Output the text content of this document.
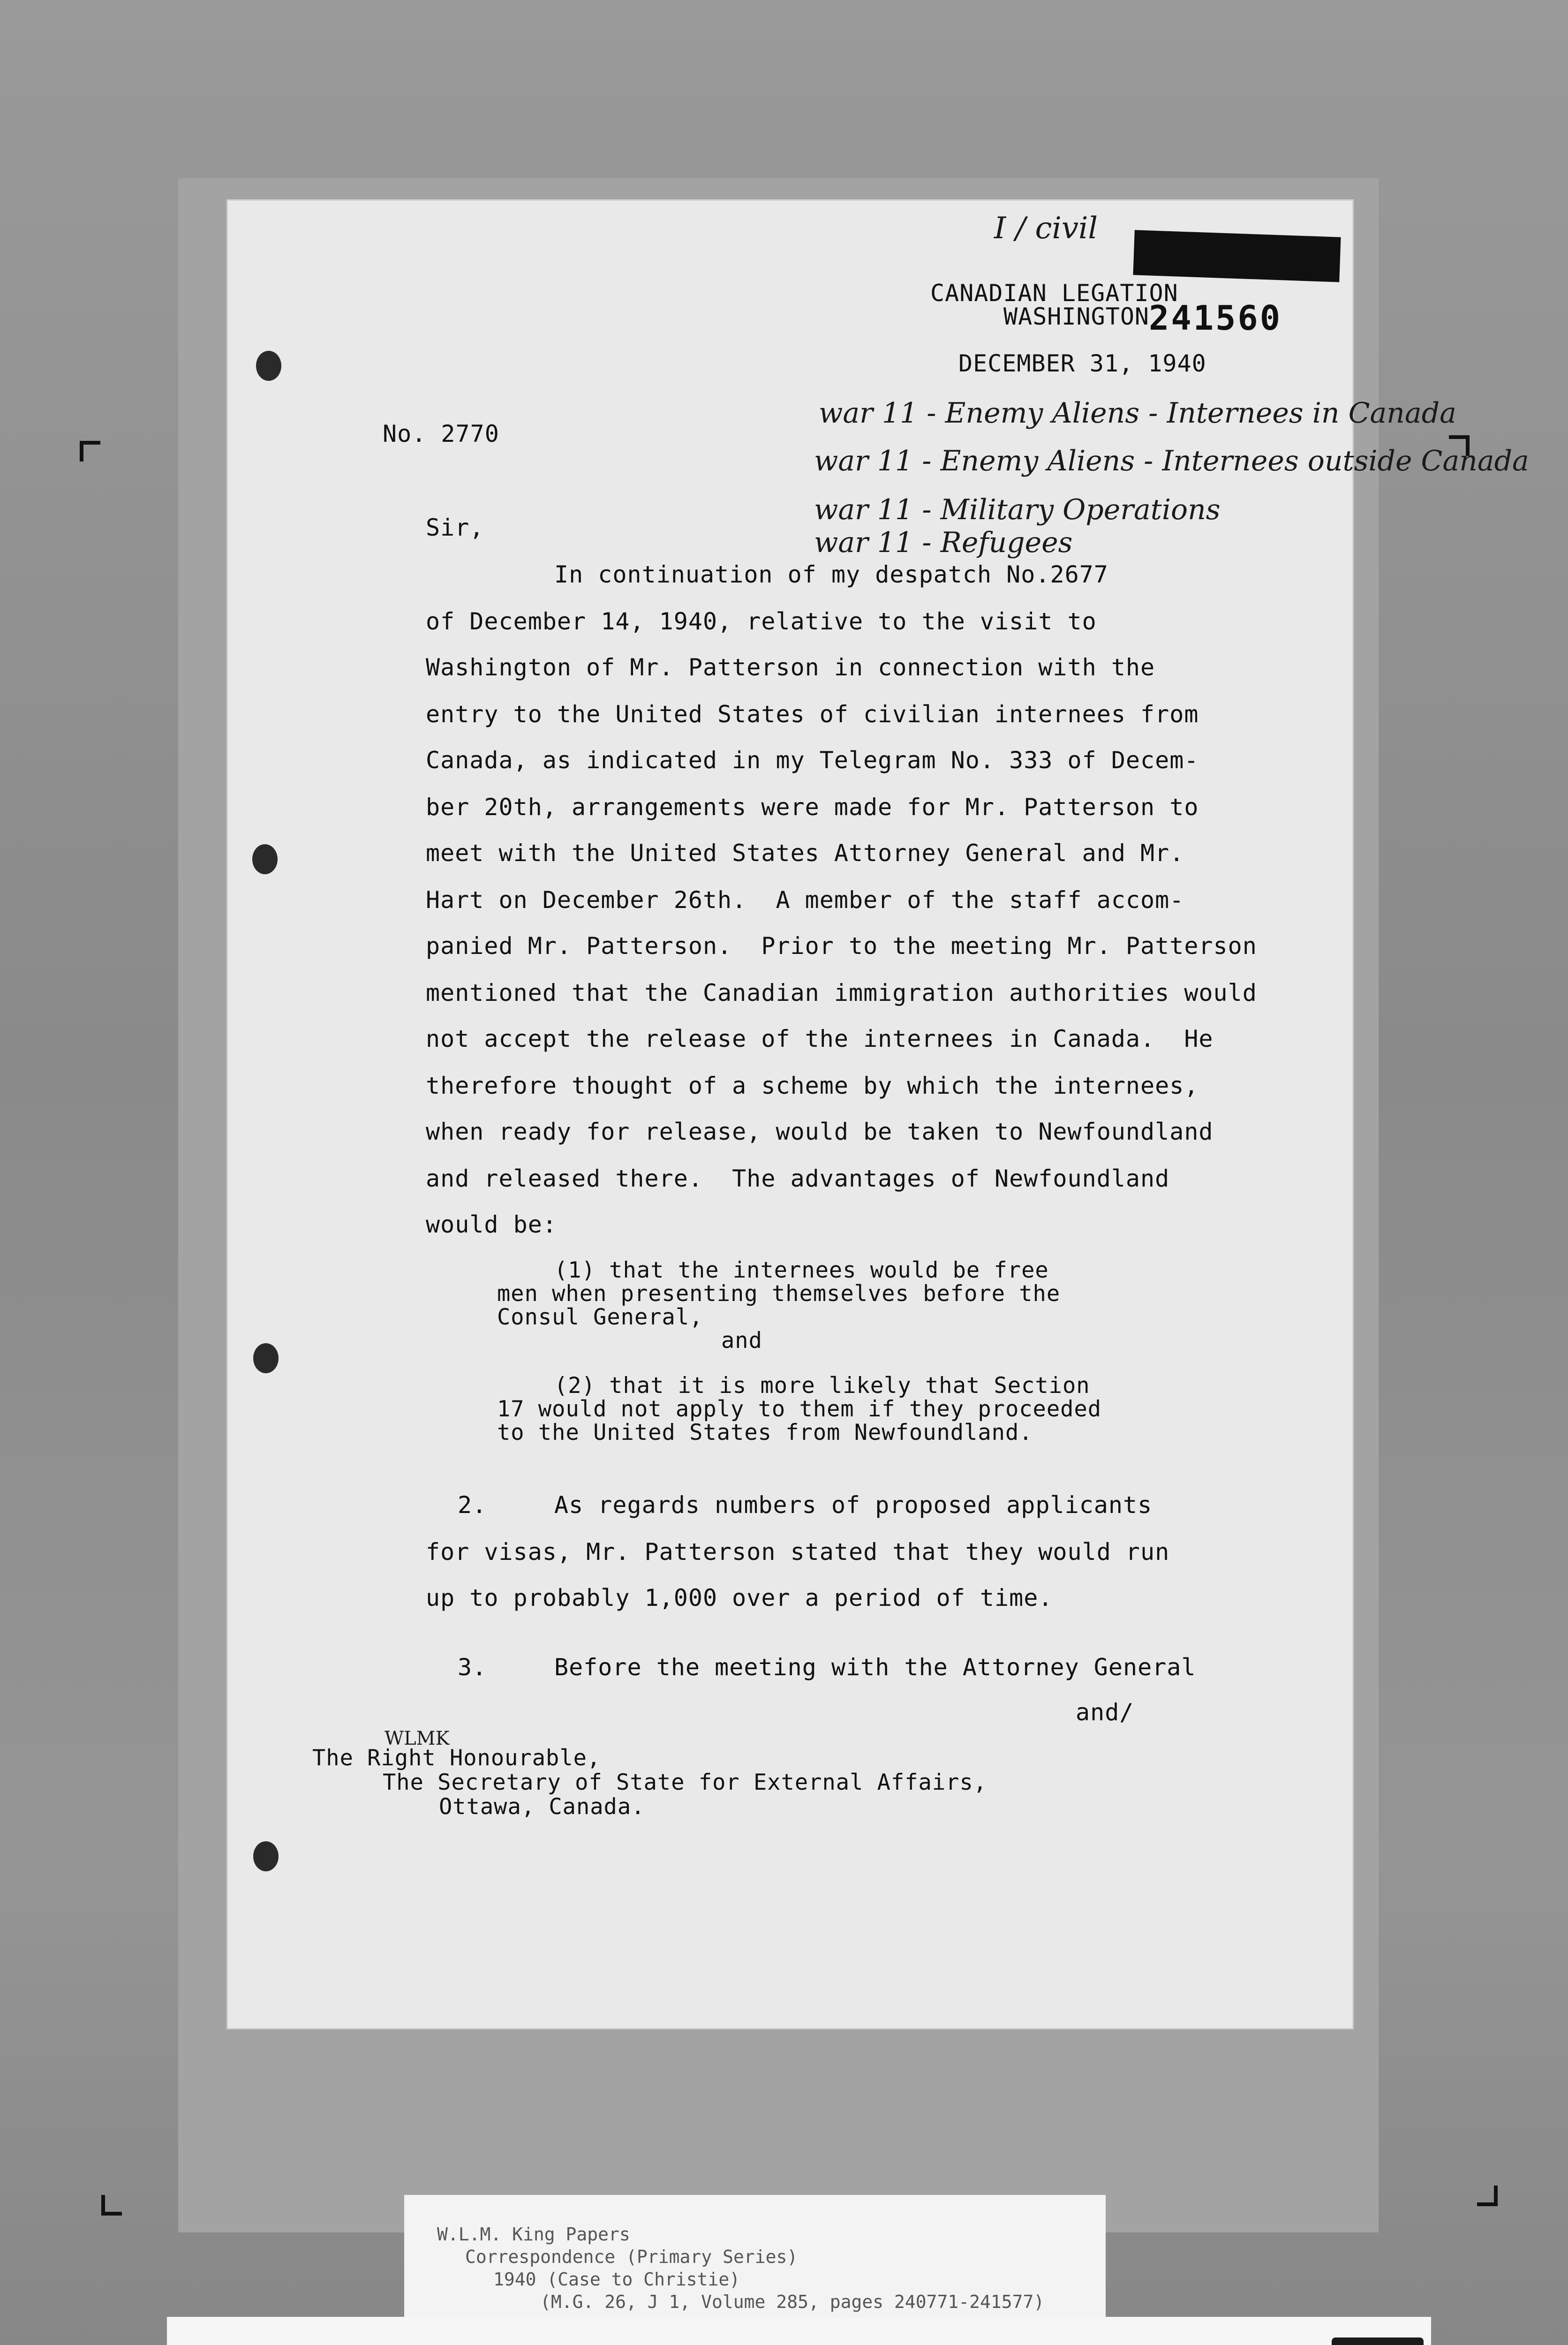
I / civil

CANADIAN LEGATION

WASHINGTON

241560

DECEMBER 31, 1940

No. 2770

war 11 - Enemy Aliens - Internees in Canada

war 11 - Enemy Aliens - Internees outside Canada

war 11 - Military Operations

war 11 - Refugees

Sir,

In continuation of my despatch No.2677

of December 14, 1940, relative to the visit to

Washington of Mr. Patterson in connection with the

entry to the United States of civilian internees from

Canada, as indicated in my Telegram No. 333 of Decem-

ber 20th, arrangements were made for Mr. Patterson to

meet with the United States Attorney General and Mr.

Hart on December 26th.  A member of the staff accom-

panied Mr. Patterson.  Prior to the meeting Mr. Patterson

mentioned that the Canadian immigration authorities would

not accept the release of the internees in Canada.  He

therefore thought of a scheme by which the internees,

when ready for release, would be taken to Newfoundland

and released there.  The advantages of Newfoundland

would be:

(1) that the internees would be free

men when presenting themselves before the

Consul General,

and

(2) that it is more likely that Section

17 would not apply to them if they proceeded

to the United States from Newfoundland.

2.	As regards numbers of proposed applicants

for visas, Mr. Patterson stated that they would run

up to probably 1,000 over a period of time.

3.	Before the meeting with the Attorney General

and/

WLMK

The Right Honourable,

The Secretary of State for External Affairs,

Ottawa, Canada.

W.L.M. King Papers

Correspondence (Primary Series)

1940 (Case to Christie)

(M.G. 26, J 1, Volume 285, pages 240771-241577)
